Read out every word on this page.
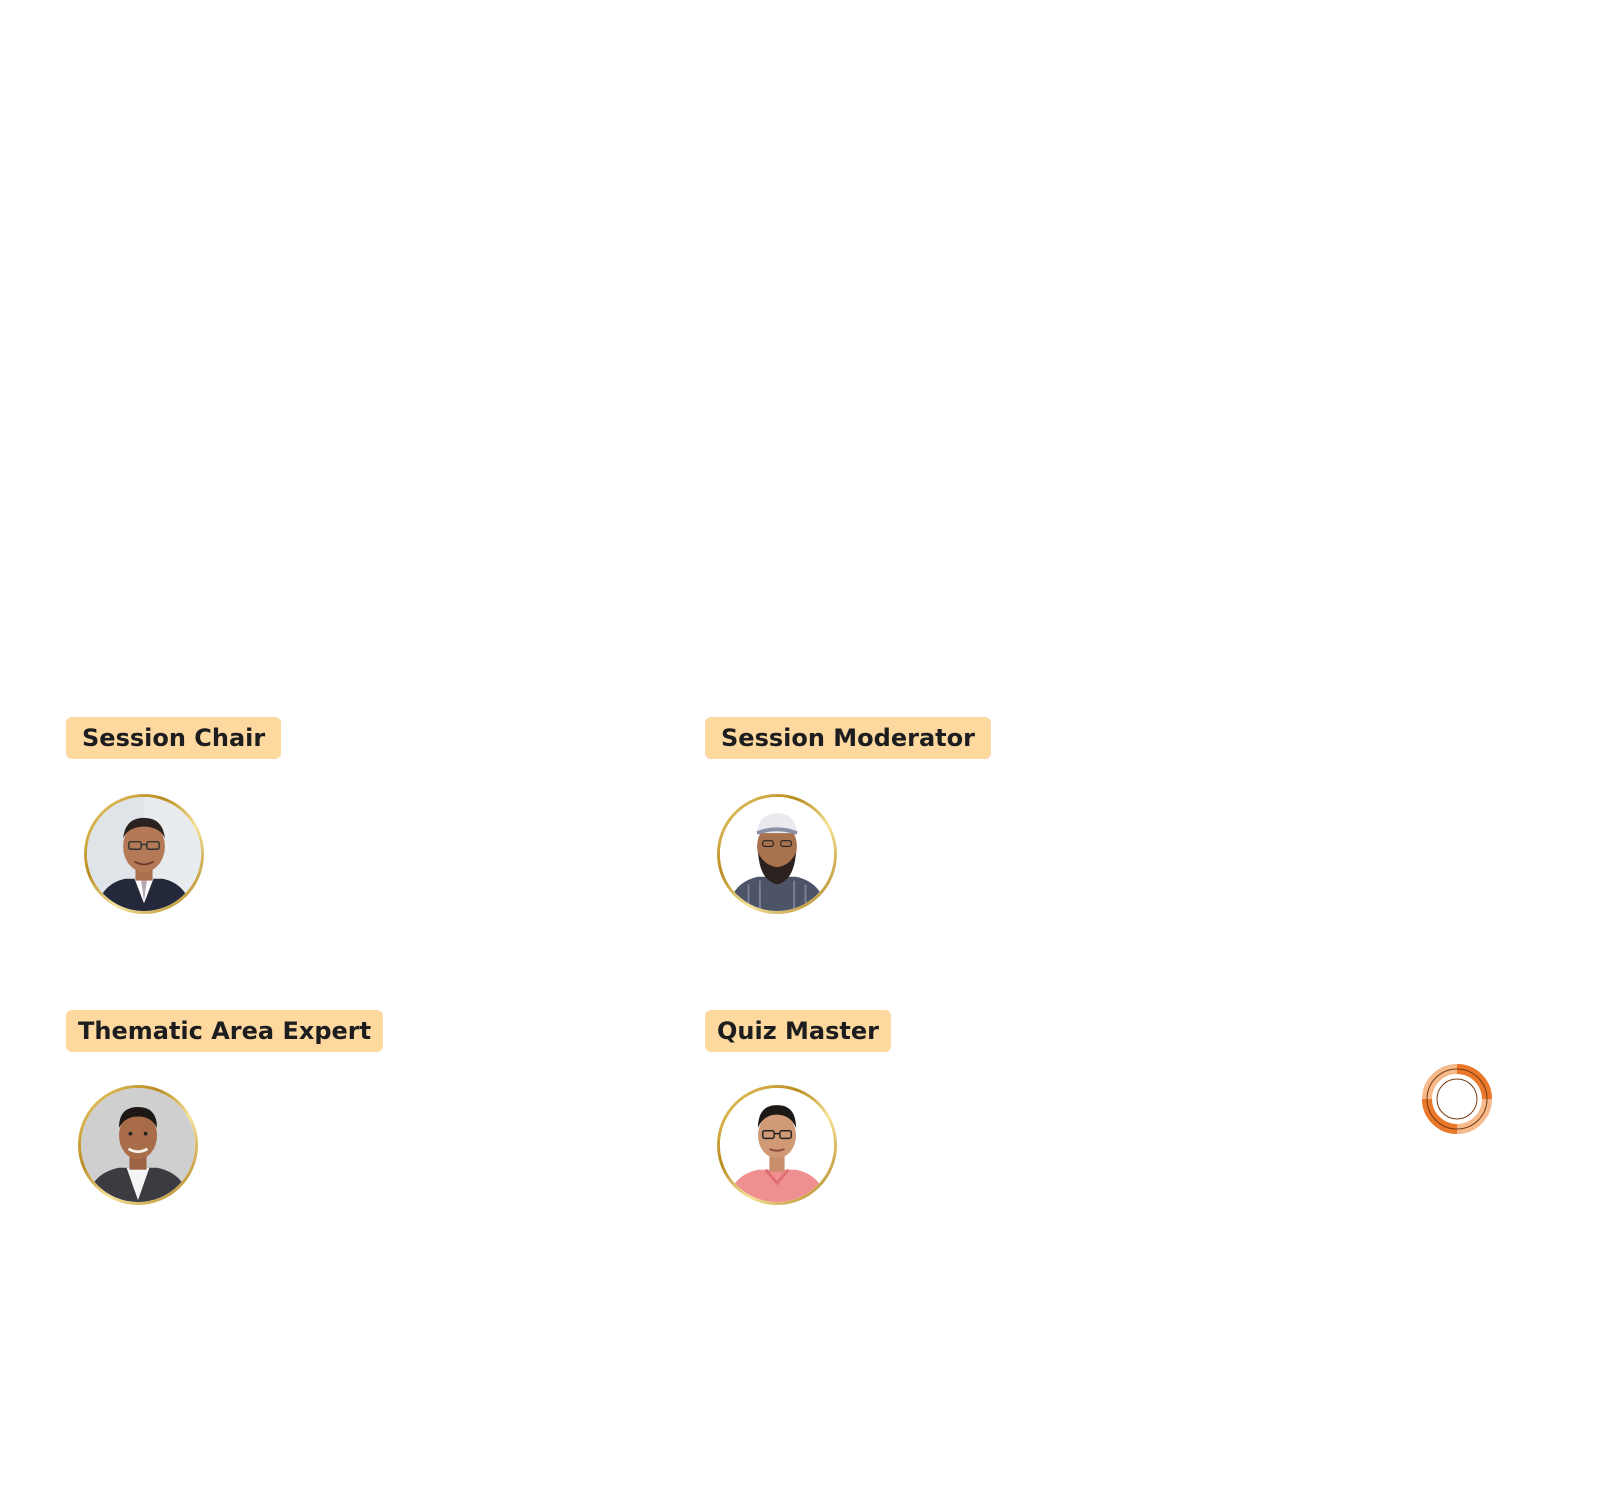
Session Chair	Session Moderator
Thematic Area Expert	Quiz Master
